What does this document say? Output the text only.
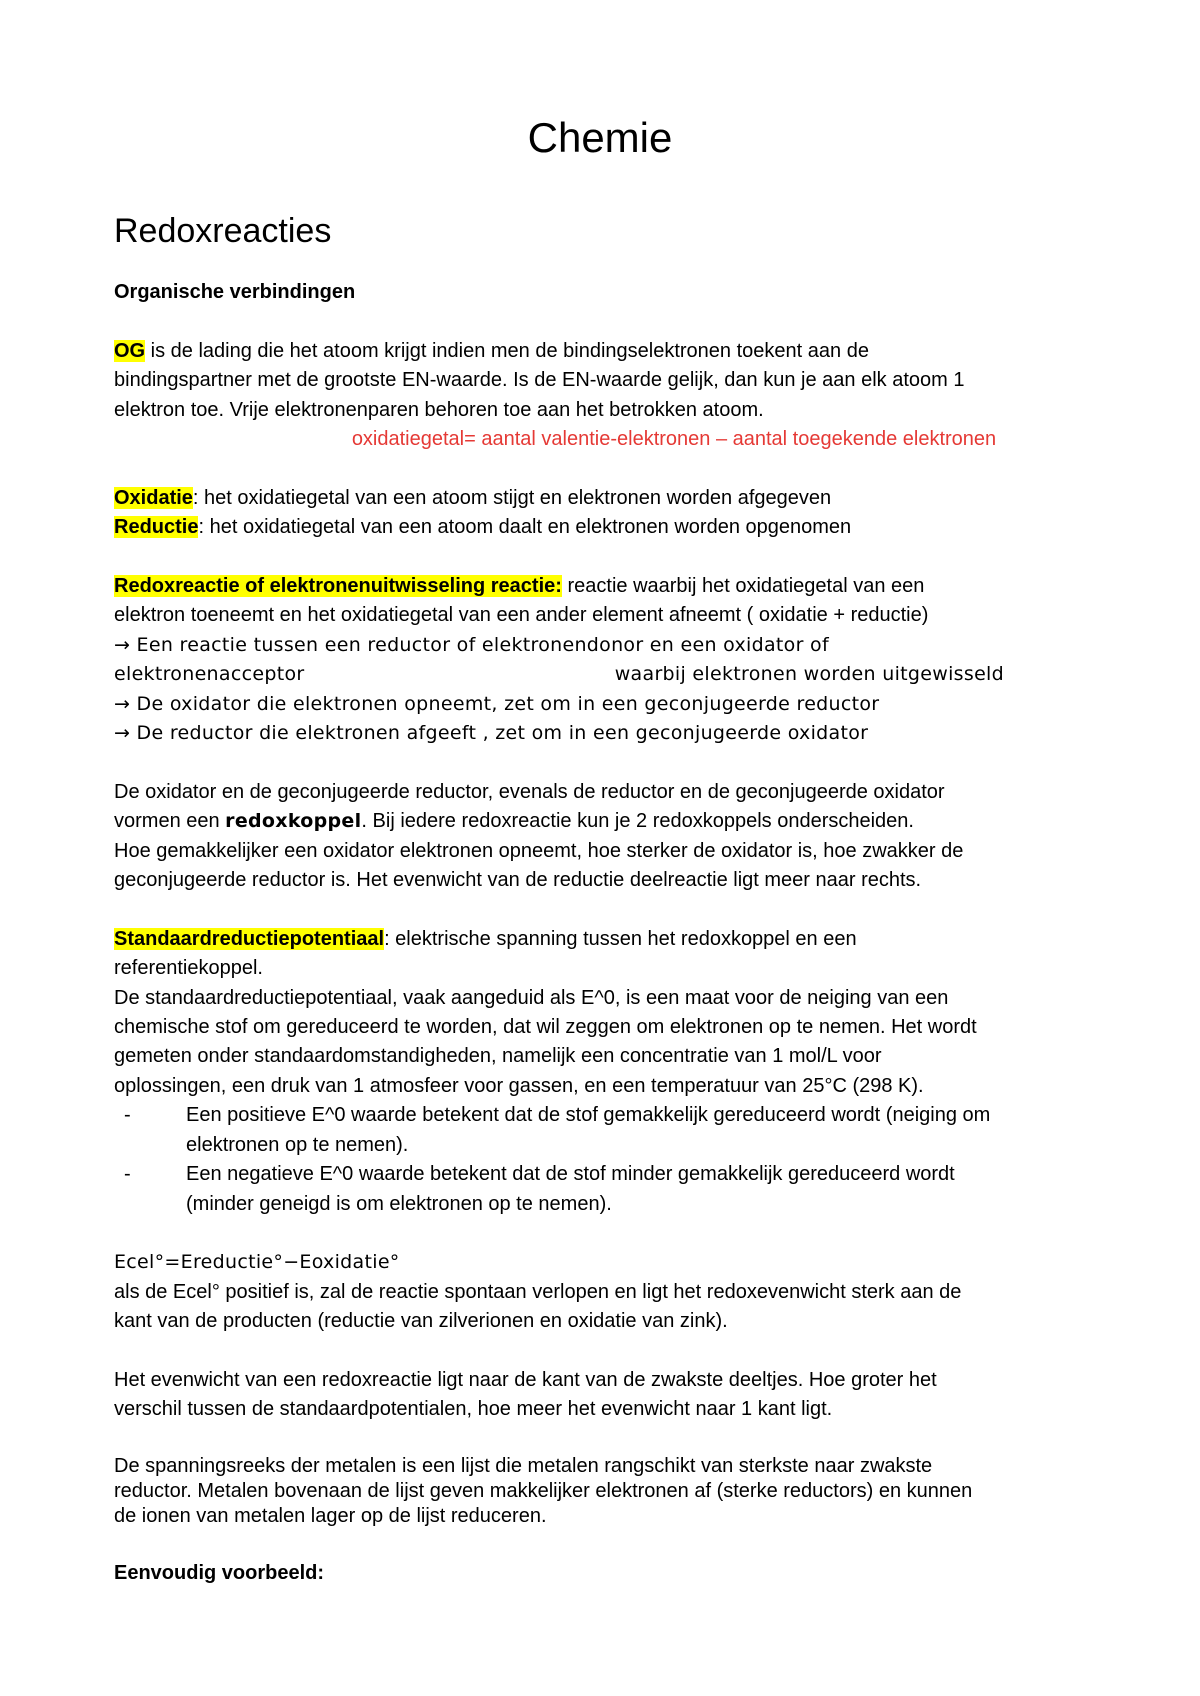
Chemie
Redoxreacties

Organische verbindingen

OG is de lading die het atoom krijgt indien men de bindingselektronen toekent aan de

bindingspartner met de grootste EN-waarde. Is de EN-waarde gelijk, dan kun je aan elk atoom 1

elektron toe. Vrije elektronenparen behoren toe aan het betrokken atoom.

oxidatiegetal= aantal valentie-elektronen – aantal toegekende elektronen

Oxidatie: het oxidatiegetal van een atoom stijgt en elektronen worden afgegeven

Reductie: het oxidatiegetal van een atoom daalt en elektronen worden opgenomen

Redoxreactie of elektronenuitwisseling reactie: reactie waarbij het oxidatiegetal van een

elektron toeneemt en het oxidatiegetal van een ander element afneemt ( oxidatie + reductie)

→ Een reactie tussen een reductor of elektronendonor en een oxidator of

elektronenacceptor	waarbij elektronen worden uitgewisseld

→ De oxidator die elektronen opneemt, zet om in een geconjugeerde reductor

→ De reductor die elektronen afgeeft , zet om in een geconjugeerde oxidator

De oxidator en de geconjugeerde reductor, evenals de reductor en de geconjugeerde oxidator

vormen een redoxkoppel. Bij iedere redoxreactie kun je 2 redoxkoppels onderscheiden.

Hoe gemakkelijker een oxidator elektronen opneemt, hoe sterker de oxidator is, hoe zwakker de

geconjugeerde reductor is. Het evenwicht van de reductie deelreactie ligt meer naar rechts.

Standaardreductiepotentiaal: elektrische spanning tussen het redoxkoppel en een

referentiekoppel.

De standaardreductiepotentiaal, vaak aangeduid als E^0, is een maat voor de neiging van een

chemische stof om gereduceerd te worden, dat wil zeggen om elektronen op te nemen. Het wordt

gemeten onder standaardomstandigheden, namelijk een concentratie van 1 mol/L voor

oplossingen, een druk van 1 atmosfeer voor gassen, en een temperatuur van 25°C (298 K).

-	Een positieve E^0 waarde betekent dat de stof gemakkelijk gereduceerd wordt (neiging om
elektronen op te nemen).
-	Een negatieve E^0 waarde betekent dat de stof minder gemakkelijk gereduceerd wordt
(minder geneigd is om elektronen op te nemen).

Ecel°=Ereductie°−Eoxidatie°

als de Ecel° positief is, zal de reactie spontaan verlopen en ligt het redoxevenwicht sterk aan de

kant van de producten (reductie van zilverionen en oxidatie van zink).

Het evenwicht van een redoxreactie ligt naar de kant van de zwakste deeltjes. Hoe groter het

verschil tussen de standaardpotentialen, hoe meer het evenwicht naar 1 kant ligt.

De spanningsreeks der metalen is een lijst die metalen rangschikt van sterkste naar zwakste

reductor. Metalen bovenaan de lijst geven makkelijker elektronen af (sterke reductors) en kunnen

de ionen van metalen lager op de lijst reduceren.

Eenvoudig voorbeeld:
